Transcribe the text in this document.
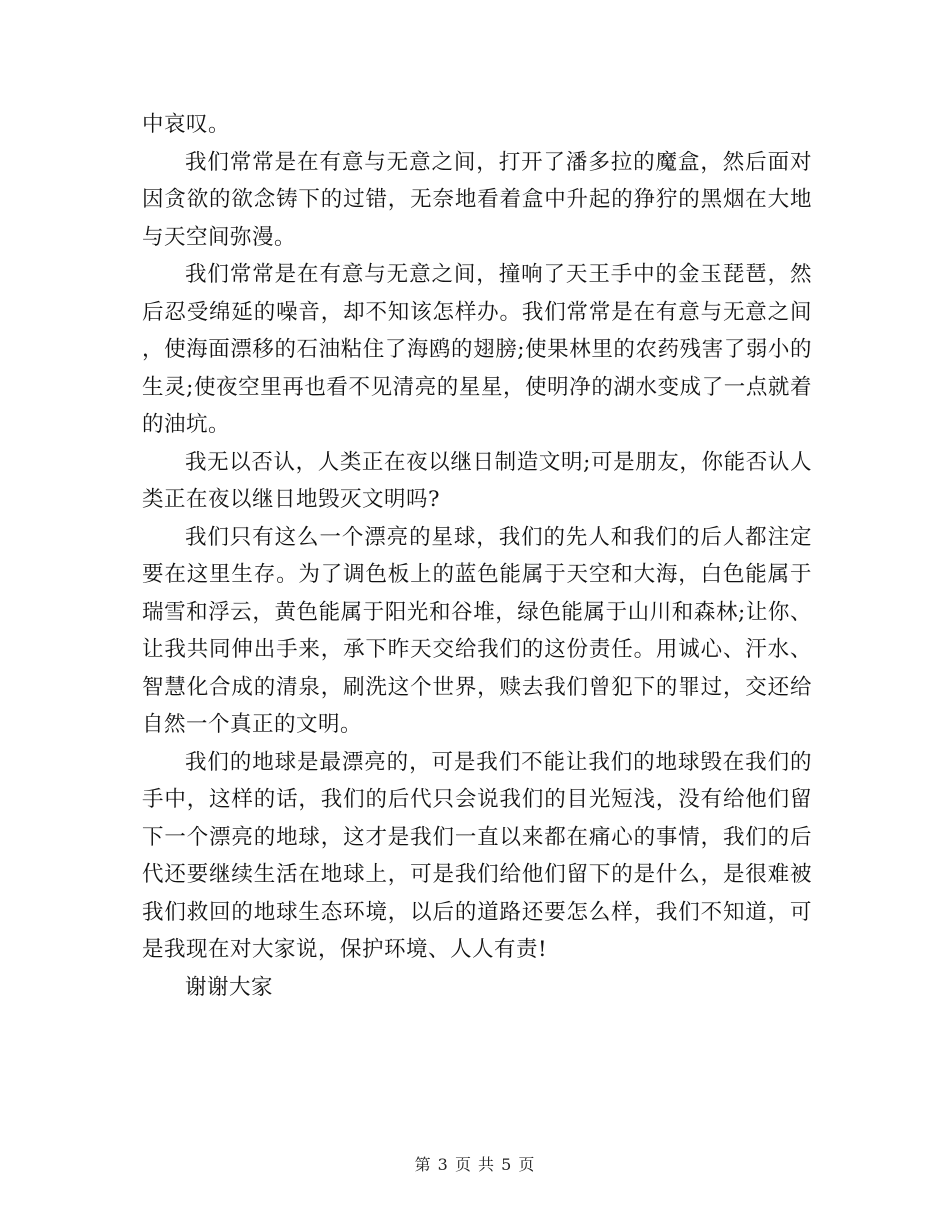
中哀叹。

我们常常是在有意与无意之间，打开了潘多拉的魔盒，然后面对因贪欲的欲念铸下的过错，无奈地看着盒中升起的狰狞的黑烟在大地与天空间弥漫。

我们常常是在有意与无意之间，撞响了天王手中的金玉琵琶，然后忍受绵延的噪音，却不知该怎样办。我们常常是在有意与无意之间，使海面漂移的石油粘住了海鸥的翅膀;使果林里的农药残害了弱小的生灵;使夜空里再也看不见清亮的星星，使明净的湖水变成了一点就着的油坑。

我无以否认，人类正在夜以继日制造文明;可是朋友，你能否认人类正在夜以继日地毁灭文明吗?

我们只有这么一个漂亮的星球，我们的先人和我们的后人都注定要在这里生存。为了调色板上的蓝色能属于天空和大海，白色能属于瑞雪和浮云，黄色能属于阳光和谷堆，绿色能属于山川和森林;让你、让我共同伸出手来，承下昨天交给我们的这份责任。用诚心、汗水、智慧化合成的清泉，刷洗这个世界，赎去我们曾犯下的罪过，交还给自然一个真正的文明。

我们的地球是最漂亮的，可是我们不能让我们的地球毁在我们的手中，这样的话，我们的后代只会说我们的目光短浅，没有给他们留下一个漂亮的地球，这才是我们一直以来都在痛心的事情，我们的后代还要继续生活在地球上，可是我们给他们留下的是什么，是很难被我们救回的地球生态环境，以后的道路还要怎么样，我们不知道，可是我现在对大家说，保护环境、人人有责!

谢谢大家

第 3 页 共 5 页
